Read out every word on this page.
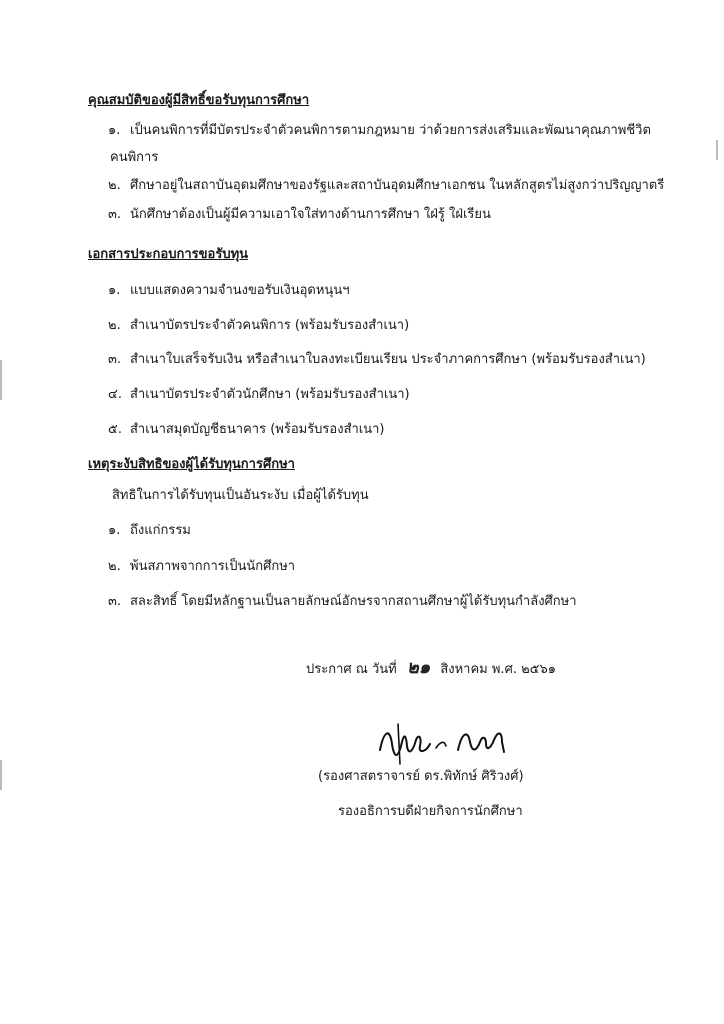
คุณสมบัติของผู้มีสิทธิ์ขอรับทุนการศึกษา
๑. เป็นคนพิการที่มีบัตรประจำตัวคนพิการตามกฎหมาย ว่าด้วยการส่งเสริมและพัฒนาคุณภาพชีวิต
คนพิการ
๒. ศึกษาอยู่ในสถาบันอุดมศึกษาของรัฐและสถาบันอุดมศึกษาเอกชน ในหลักสูตรไม่สูงกว่าปริญญาตรี
๓. นักศึกษาต้องเป็นผู้มีความเอาใจใส่ทางด้านการศึกษา ใฝ่รู้ ใฝ่เรียน
เอกสารประกอบการขอรับทุน
๑. แบบแสดงความจำนงขอรับเงินอุดหนุนฯ
๒. สำเนาบัตรประจำตัวคนพิการ (พร้อมรับรองสำเนา)
๓. สำเนาใบเสร็จรับเงิน หรือสำเนาใบลงทะเบียนเรียน ประจำภาคการศึกษา (พร้อมรับรองสำเนา)
๔. สำเนาบัตรประจำตัวนักศึกษา (พร้อมรับรองสำเนา)
๕. สำเนาสมุดบัญชีธนาคาร (พร้อมรับรองสำเนา)
เหตุระงับสิทธิของผู้ได้รับทุนการศึกษา
สิทธิในการได้รับทุนเป็นอันระงับ เมื่อผู้ได้รับทุน
๑. ถึงแก่กรรม
๒. พ้นสภาพจากการเป็นนักศึกษา
๓. สละสิทธิ์ โดยมีหลักฐานเป็นลายลักษณ์อักษรจากสถานศึกษาผู้ได้รับทุนกำลังศึกษา
ประกาศ ณ วันที่ ๒๑ สิงหาคม พ.ศ. ๒๕๖๑
(รองศาสตราจารย์ ดร.พิทักษ์ ศิริวงศ์)
รองอธิการบดีฝ่ายกิจการนักศึกษา
